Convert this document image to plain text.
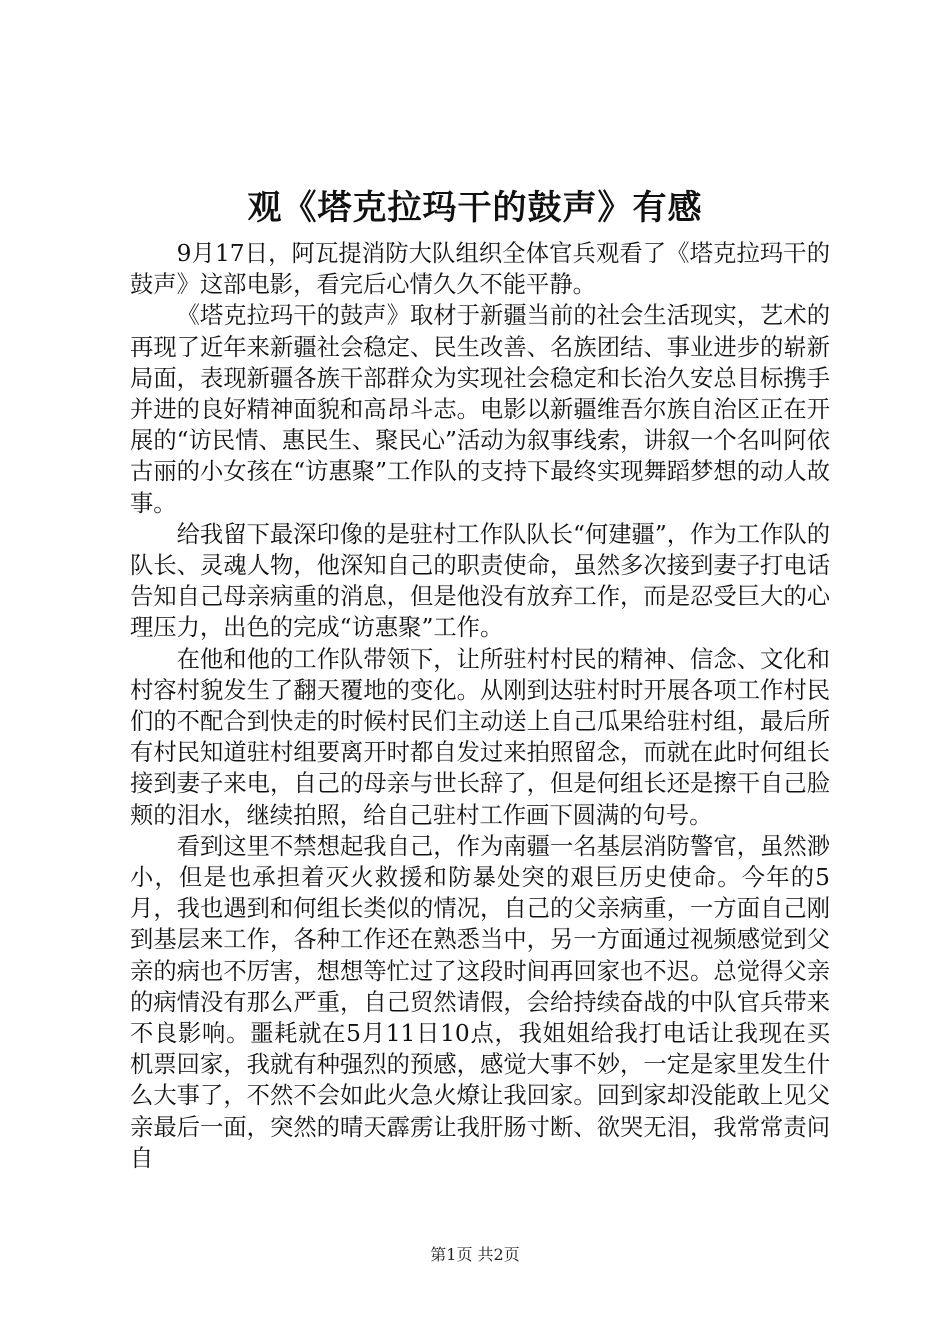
观《塔克拉玛干的鼓声》有感

9月17日，阿瓦提消防大队组织全体官兵观看了《塔克拉玛干的鼓声》这部电影，看完后心情久久不能平静。

《塔克拉玛干的鼓声》取材于新疆当前的社会生活现实，艺术的再现了近年来新疆社会稳定、民生改善、名族团结、事业进步的崭新局面，表现新疆各族干部群众为实现社会稳定和长治久安总目标携手并进的良好精神面貌和高昂斗志。电影以新疆维吾尔族自治区正在开展的“访民情、惠民生、聚民心”活动为叙事线索，讲叙一个名叫阿依古丽的小女孩在“访惠聚”工作队的支持下最终实现舞蹈梦想的动人故事。

给我留下最深印像的是驻村工作队队长“何建疆”，作为工作队的队长、灵魂人物，他深知自己的职责使命，虽然多次接到妻子打电话告知自己母亲病重的消息，但是他没有放弃工作，而是忍受巨大的心理压力，出色的完成“访惠聚”工作。

在他和他的工作队带领下，让所驻村村民的精神、信念、文化和村容村貌发生了翻天覆地的变化。从刚到达驻村时开展各项工作村民们的不配合到快走的时候村民们主动送上自己瓜果给驻村组，最后所有村民知道驻村组要离开时都自发过来拍照留念，而就在此时何组长接到妻子来电，自己的母亲与世长辞了，但是何组长还是擦干自己脸颊的泪水，继续拍照，给自己驻村工作画下圆满的句号。

看到这里不禁想起我自己，作为南疆一名基层消防警官，虽然渺小，但是也承担着灭火救援和防暴处突的艰巨历史使命。今年的5月，我也遇到和何组长类似的情况，自己的父亲病重，一方面自己刚到基层来工作，各种工作还在熟悉当中，另一方面通过视频感觉到父亲的病也不厉害，想想等忙过了这段时间再回家也不迟。总觉得父亲的病情没有那么严重，自己贸然请假，会给持续奋战的中队官兵带来不良影响。噩耗就在5月11日10点，我姐姐给我打电话让我现在买机票回家，我就有种强烈的预感，感觉大事不妙，一定是家里发生什么大事了，不然不会如此火急火燎让我回家。回到家却没能敢上见父亲最后一面，突然的晴天霹雳让我肝肠寸断、欲哭无泪，我常常责问自

第1页 共2页
